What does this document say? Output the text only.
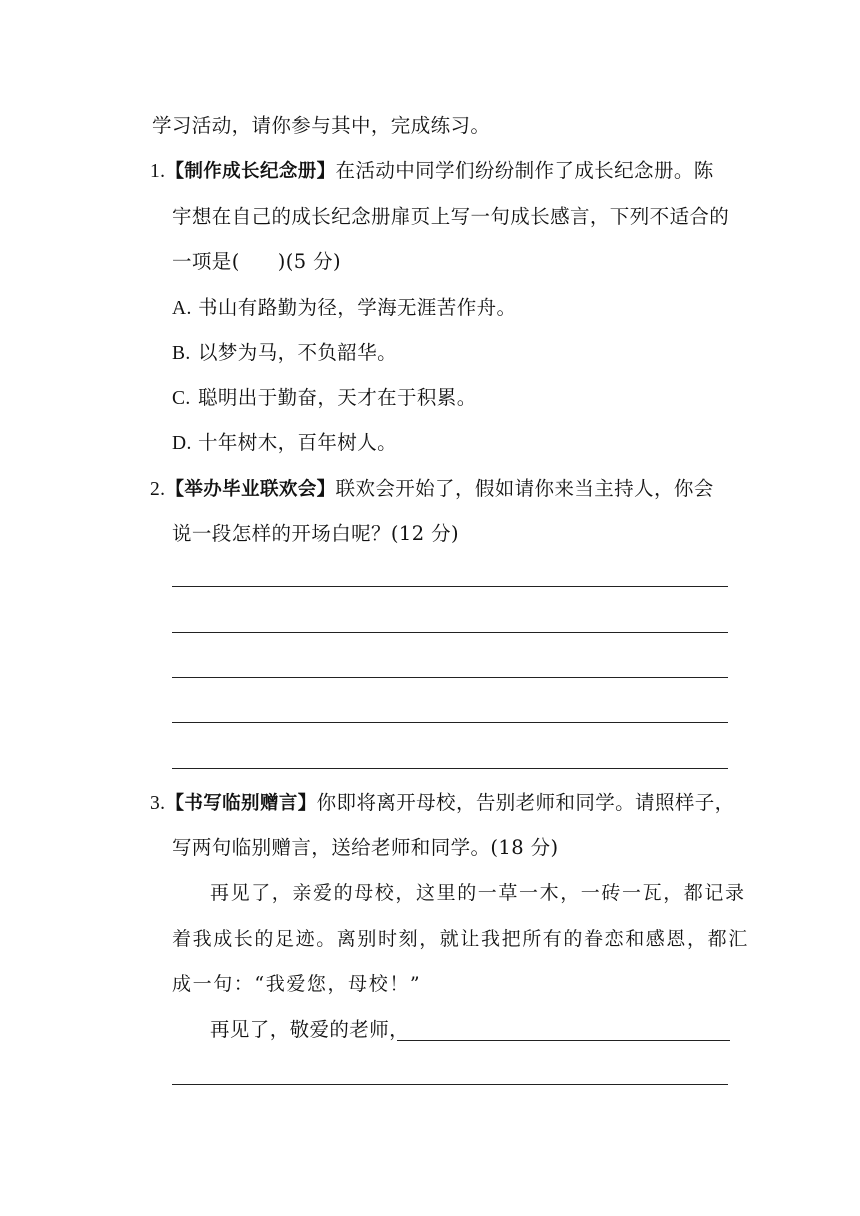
学习活动，请你参与其中，完成练习。
1.【制作成长纪念册】在活动中同学们纷纷制作了成长纪念册。陈
宇想在自己的成长纪念册扉页上写一句成长感言，下列不适合的
一项是( )(5 分)
A. 书山有路勤为径，学海无涯苦作舟。
B. 以梦为马，不负韶华。
C. 聪明出于勤奋，天才在于积累。
D. 十年树木，百年树人。
2.【举办毕业联欢会】联欢会开始了，假如请你来当主持人，你会
说一段怎样的开场白呢？(12 分)
3.【书写临别赠言】你即将离开母校，告别老师和同学。请照样子，
写两句临别赠言，送给老师和同学。(18 分)
再见了，亲爱的母校，这里的一草一木，一砖一瓦，都记录
着我成长的足迹。离别时刻，就让我把所有的眷恋和感恩，都汇
成一句：“我爱您，母校！”
再见了，敬爱的老师，
